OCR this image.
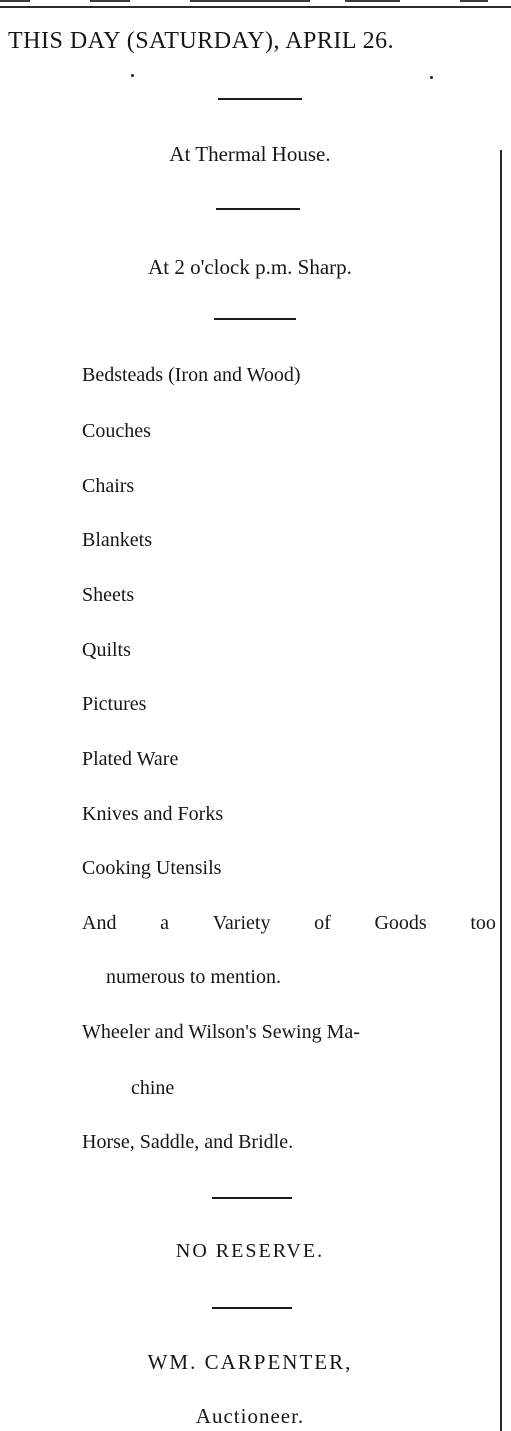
THIS DAY (SATURDAY), APRIL 26.
At Thermal House.
At 2 o'clock p.m. Sharp.
Bedsteads (Iron and Wood)
Couches
Chairs
Blankets
Sheets
Quilts
Pictures
Plated Ware
Knives and Forks
Cooking Utensils
And a Variety of Goods too
numerous to mention.
Wheeler and Wilson's Sewing Ma-
chine
Horse, Saddle, and Bridle.
NO RESERVE.
WM. CARPENTER,
Auctioneer.
